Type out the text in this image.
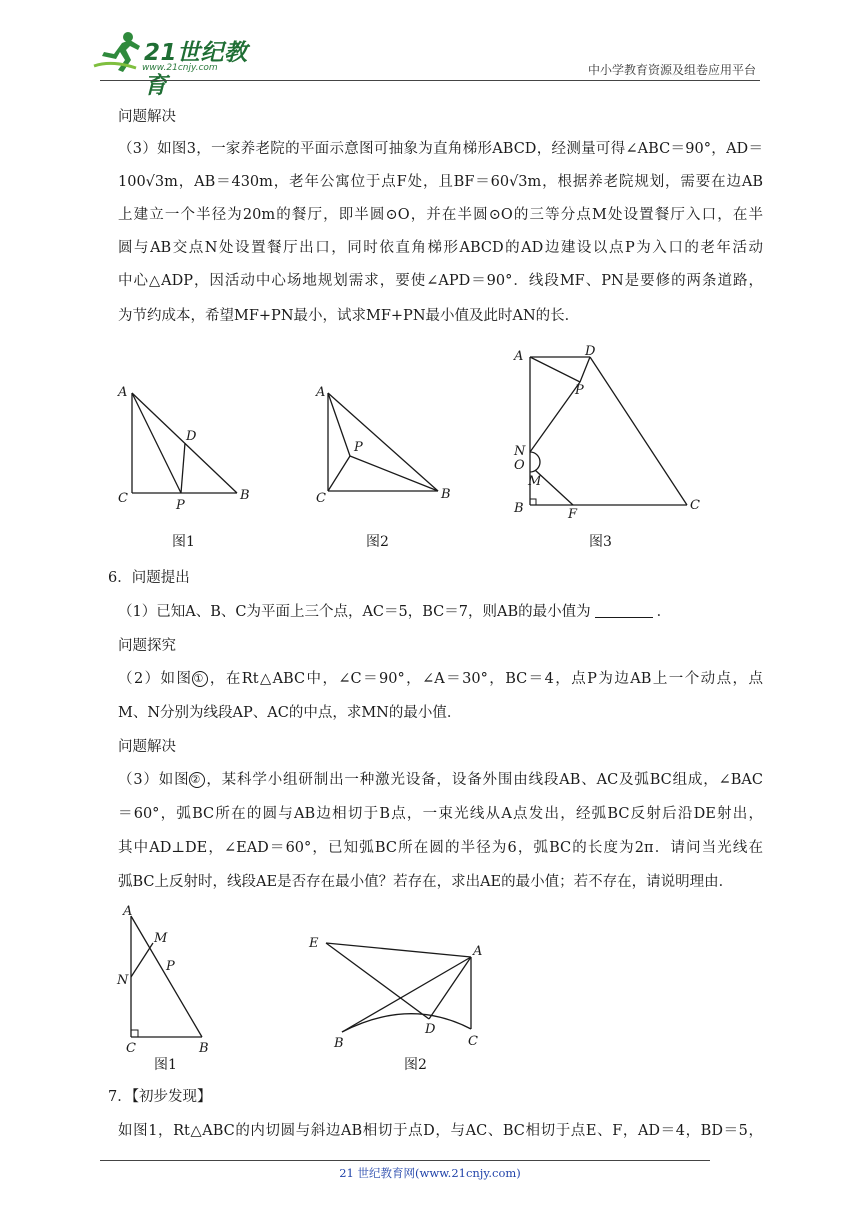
21世纪教育
www.21cnjy.com	中小学教育资源及组卷应用平台
问题解决
（3）如图3，一家养老院的平面示意图可抽象为直角梯形ABCD，经测量可得∠ABC＝90°，AD＝
100√3m，AB＝430m，老年公寓位于点F处，且BF＝60√3m，根据养老院规划，需要在边AB
上建立一个半径为20m的餐厅，即半圆⊙O，并在半圆⊙O的三等分点M处设置餐厅入口，在半
圆与AB交点N处设置餐厅出口，同时依直角梯形ABCD的AD边建设以点P为入口的老年活动
中心△ADP，因活动中心场地规划需求，要使∠APD＝90°．线段MF、PN是要修的两条道路，
为节约成本，希望MF+PN最小，试求MF+PN最小值及此时AN的长．
A
C	B
D
P
图1
A
C	B
P
图2
A	D
P
N
O
M
B	F
C
图3
6．问题提出
（1）已知A、B、C为平面上三个点，AC＝5，BC＝7，则AB的最小值为	．
问题探究
（2）如图① ，在Rt△ABC中，∠C＝90°，∠A＝30°，BC＝4，点P为边AB上一个动点，点
M、N分别为线段AP、AC的中点，求MN的最小值．
问题解决
（3）如图② ，某科学小组研制出一种激光设备，设备外围由线段AB、AC及弧BC组成，∠BAC
＝60°，弧BC所在的圆与AB边相切于B点，一束光线从A点发出，经弧BC反射后沿DE射出，
其中AD⊥DE，∠EAD＝60°，已知弧BC所在圆的半径为6，弧BC的长度为2π．请问当光线在
弧BC上反射时，线段AE是否存在最小值？若存在，求出AE的最小值；若不存在，请说明理由．
A
M
P
N
C	B
图1
E
A
D
B	C
图2
7．【初步发现】
如图1，Rt△ABC的内切圆与斜边AB相切于点D，与AC、BC相切于点E、F，AD＝4，BD＝5，
21 世纪教育网(www.21cnjy.com)
